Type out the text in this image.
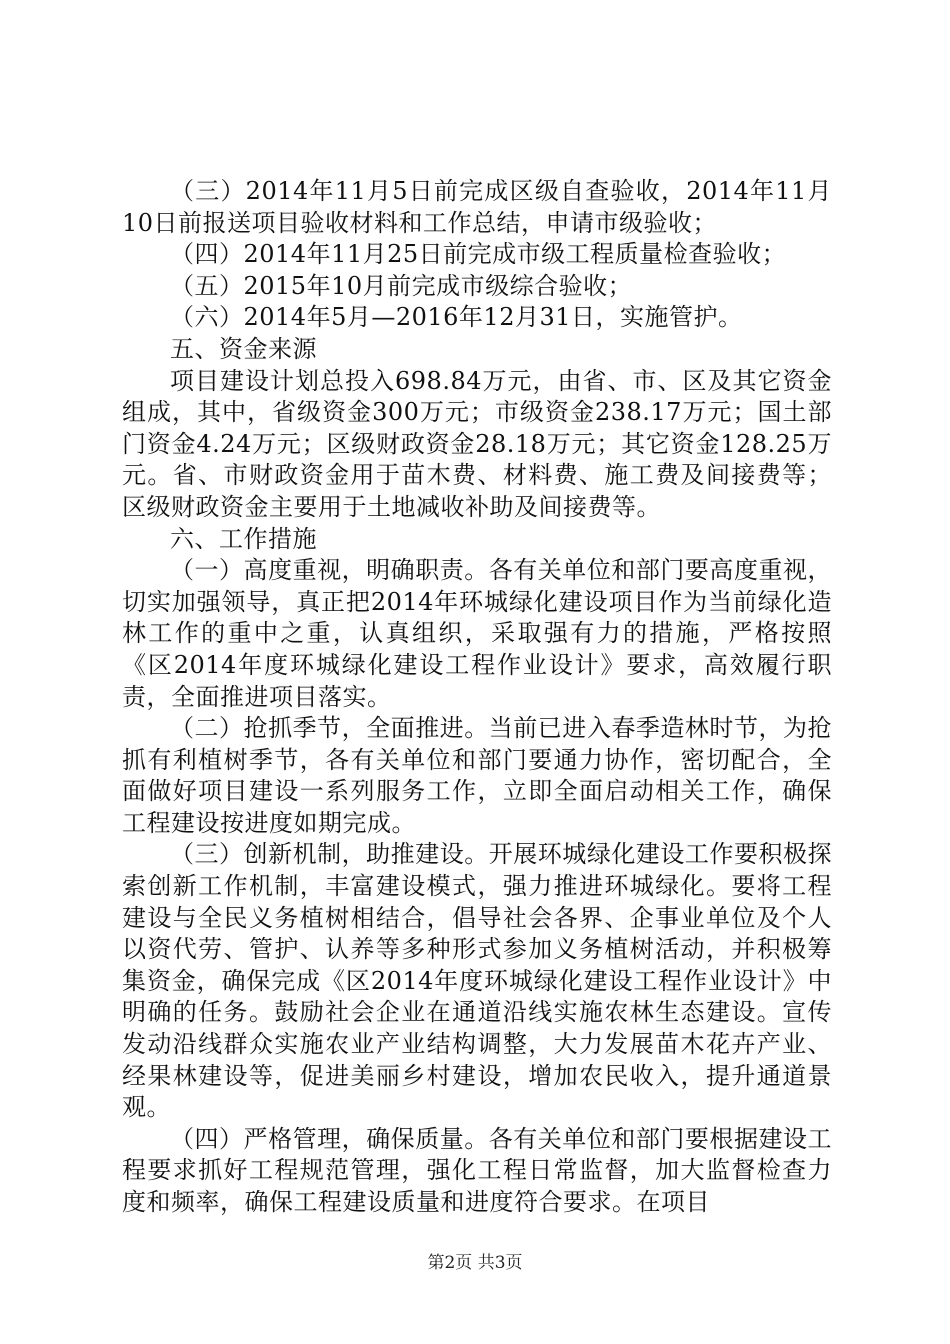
（三）2014年11月5日前完成区级自查验收，2014年11月10日前报送项目验收材料和工作总结，申请市级验收；

（四）2014年11月25日前完成市级工程质量检查验收；

（五）2015年10月前完成市级综合验收；

（六）2014年5月—2016年12月31日，实施管护。

五、资金来源

项目建设计划总投入698.84万元，由省、市、区及其它资金组成，其中，省级资金300万元；市级资金238.17万元；国土部门资金4.24万元；区级财政资金28.18万元；其它资金128.25万元。省、市财政资金用于苗木费、材料费、施工费及间接费等；区级财政资金主要用于土地减收补助及间接费等。

六、工作措施

（一）高度重视，明确职责。各有关单位和部门要高度重视，切实加强领导，真正把2014年环城绿化建设项目作为当前绿化造林工作的重中之重，认真组织，采取强有力的措施，严格按照《区2014年度环城绿化建设工程作业设计》要求，高效履行职责，全面推进项目落实。

（二）抢抓季节，全面推进。当前已进入春季造林时节，为抢抓有利植树季节，各有关单位和部门要通力协作，密切配合，全面做好项目建设一系列服务工作，立即全面启动相关工作，确保工程建设按进度如期完成。

（三）创新机制，助推建设。开展环城绿化建设工作要积极探索创新工作机制，丰富建设模式，强力推进环城绿化。要将工程建设与全民义务植树相结合，倡导社会各界、企事业单位及个人以资代劳、管护、认养等多种形式参加义务植树活动，并积极筹集资金，确保完成《区2014年度环城绿化建设工程作业设计》中明确的任务。鼓励社会企业在通道沿线实施农林生态建设。宣传发动沿线群众实施农业产业结构调整，大力发展苗木花卉产业、经果林建设等，促进美丽乡村建设，增加农民收入，提升通道景观。

（四）严格管理，确保质量。各有关单位和部门要根据建设工程要求抓好工程规范管理，强化工程日常监督，加大监督检查力度和频率，确保工程建设质量和进度符合要求。在项目

第2页 共3页
